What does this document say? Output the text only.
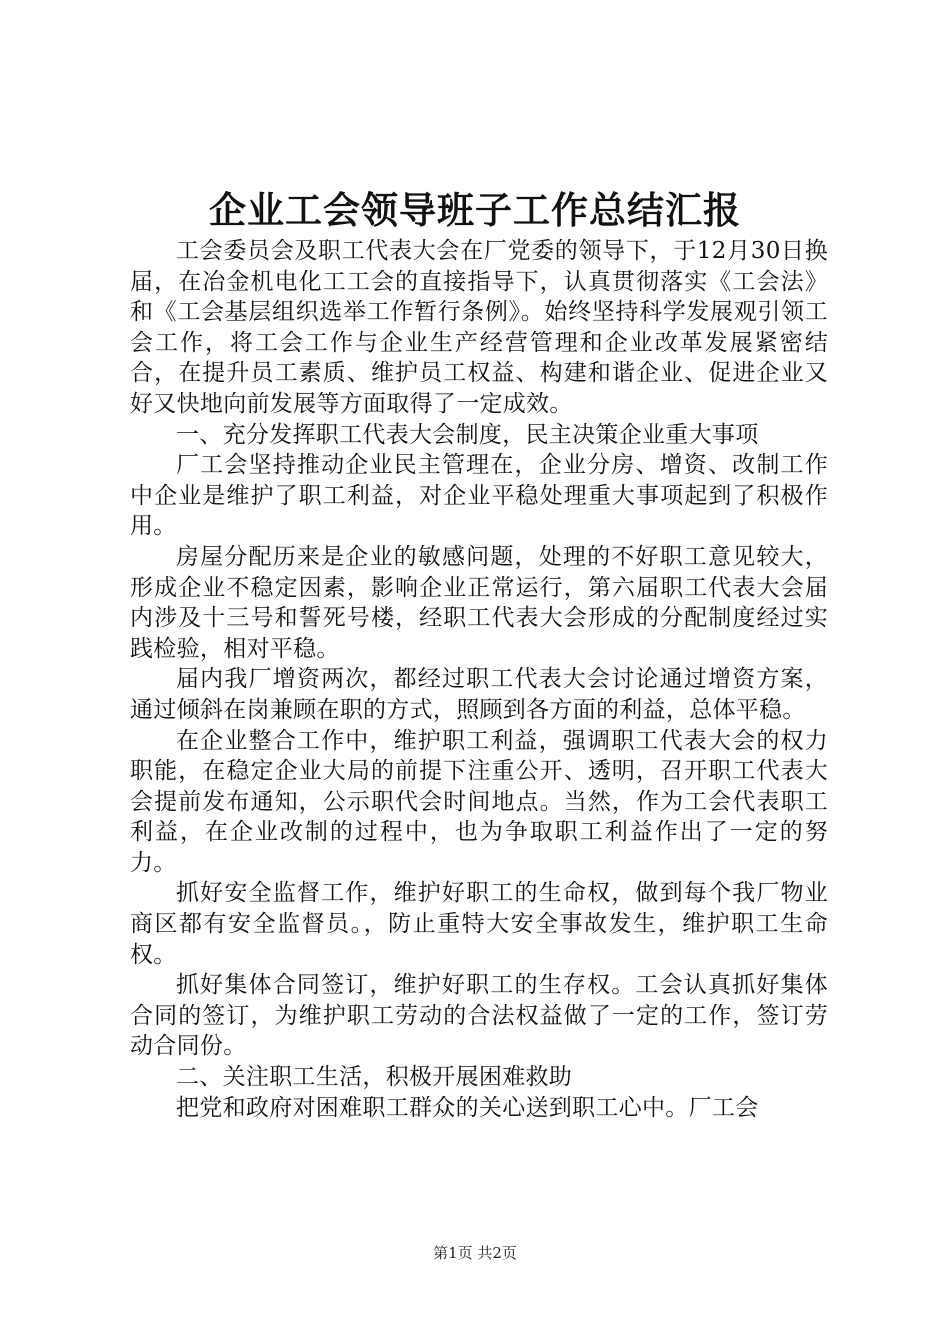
企业工会领导班子工作总结汇报

工会委员会及职工代表大会在厂党委的领导下，于12月30日换届，在冶金机电化工工会的直接指导下，认真贯彻落实《工会法》和《工会基层组织选举工作暂行条例》。始终坚持科学发展观引领工会工作，将工会工作与企业生产经营管理和企业改革发展紧密结合，在提升员工素质、维护员工权益、构建和谐企业、促进企业又好又快地向前发展等方面取得了一定成效。

一、充分发挥职工代表大会制度，民主决策企业重大事项

厂工会坚持推动企业民主管理在，企业分房、增资、改制工作中企业是维护了职工利益，对企业平稳处理重大事项起到了积极作用。

房屋分配历来是企业的敏感问题，处理的不好职工意见较大，形成企业不稳定因素，影响企业正常运行，第六届职工代表大会届内涉及十三号和誓死号楼，经职工代表大会形成的分配制度经过实践检验，相对平稳。

届内我厂增资两次，都经过职工代表大会讨论通过增资方案，通过倾斜在岗兼顾在职的方式，照顾到各方面的利益，总体平稳。

在企业整合工作中，维护职工利益，强调职工代表大会的权力职能，在稳定企业大局的前提下注重公开、透明，召开职工代表大会提前发布通知，公示职代会时间地点。当然，作为工会代表职工利益，在企业改制的过程中，也为争取职工利益作出了一定的努力。

抓好安全监督工作，维护好职工的生命权，做到每个我厂物业商区都有安全监督员。，防止重特大安全事故发生，维护职工生命权。

抓好集体合同签订，维护好职工的生存权。工会认真抓好集体合同的签订，为维护职工劳动的合法权益做了一定的工作，签订劳动合同份。

二、关注职工生活，积极开展困难救助

把党和政府对困难职工群众的关心送到职工心中。厂工会

第1页 共2页
